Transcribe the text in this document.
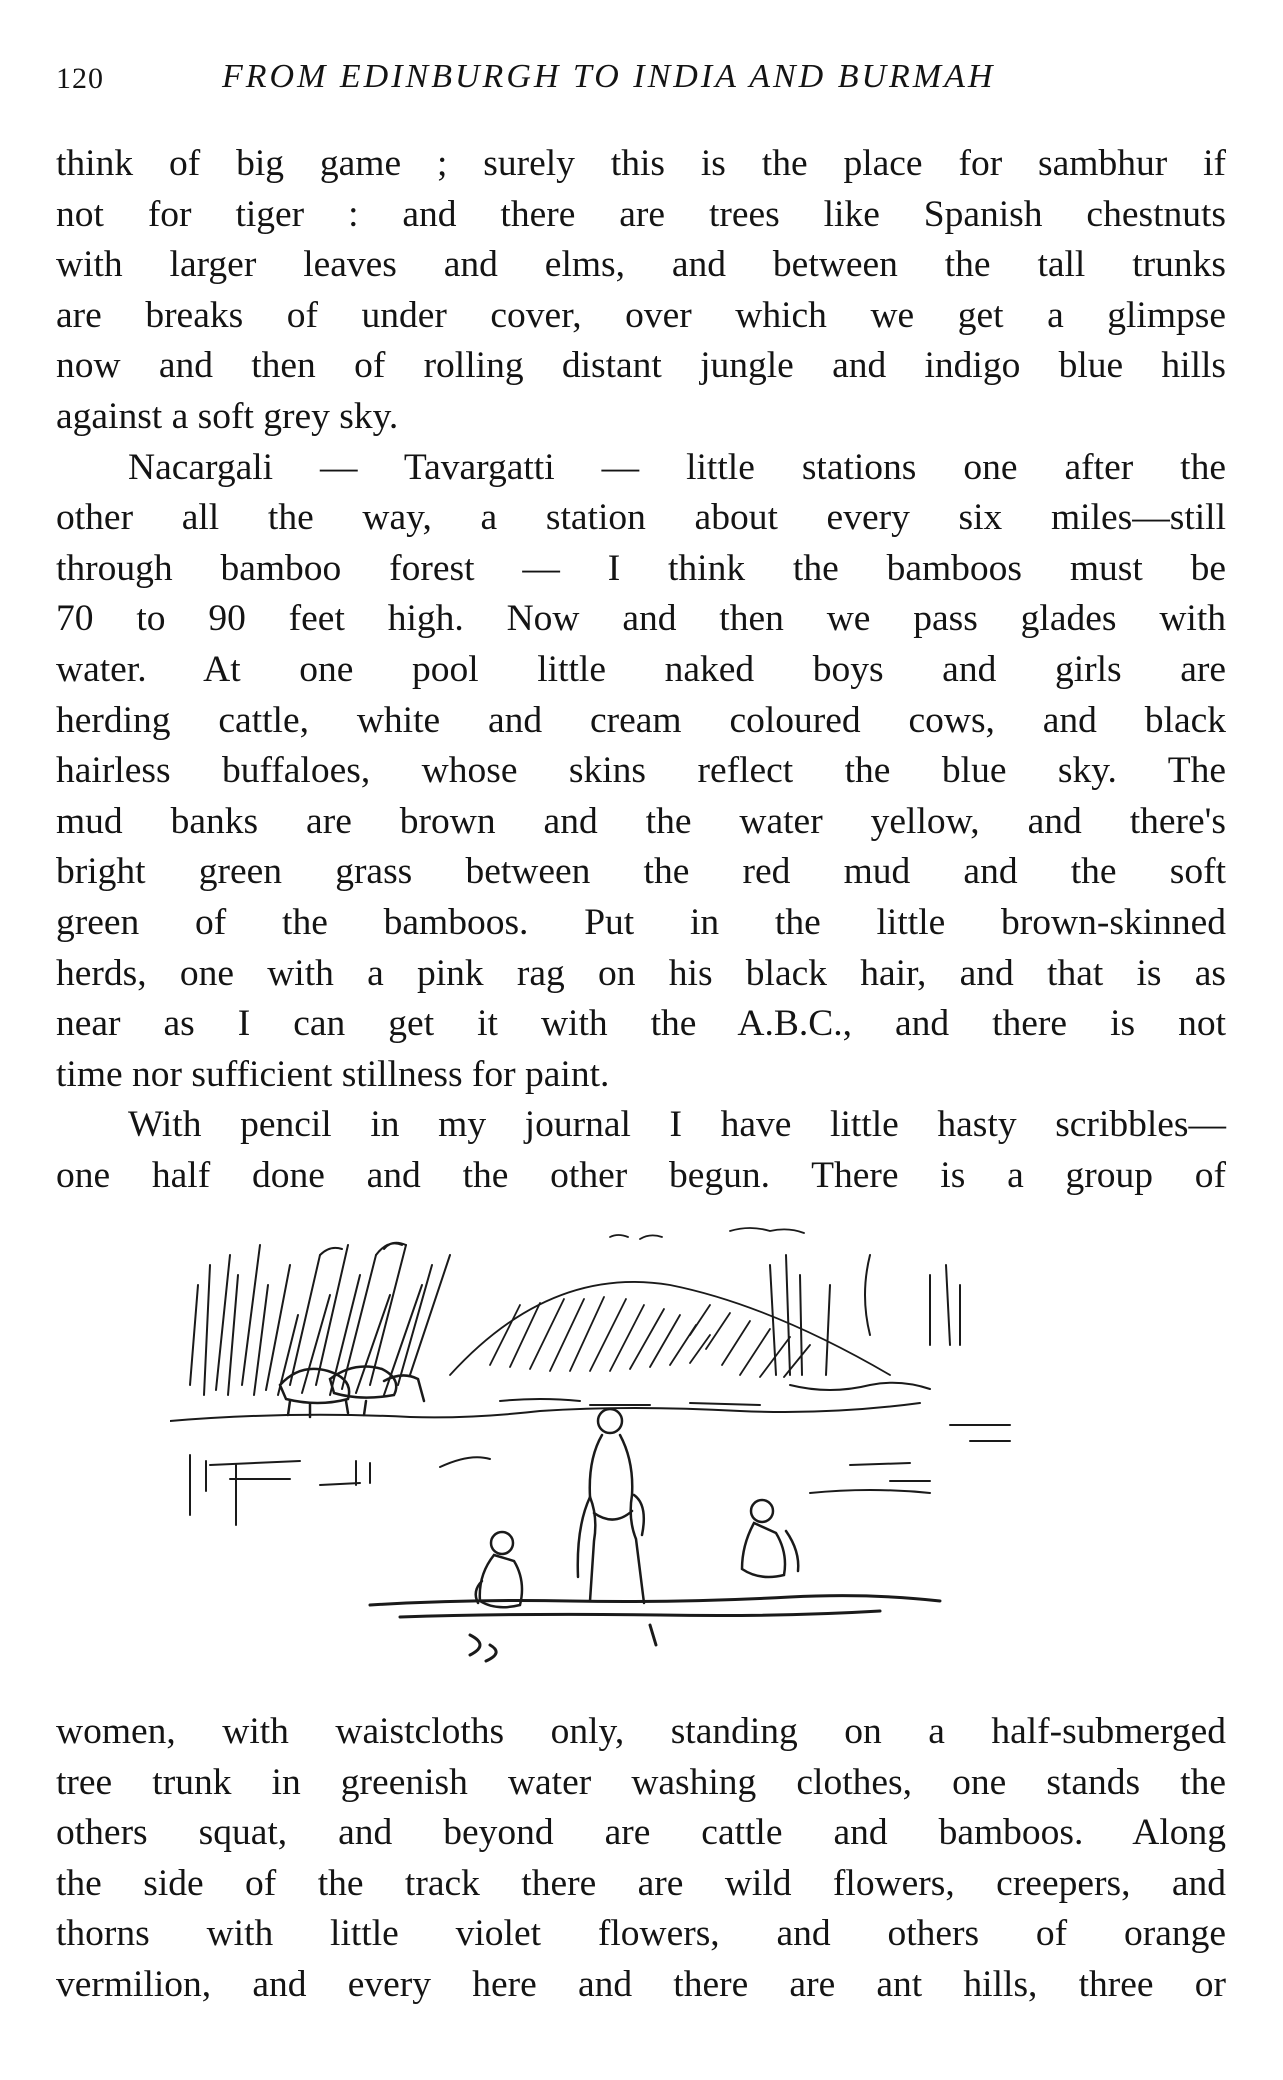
120	FROM EDINBURGH TO INDIA AND BURMAH
think of big game ; surely this is the place for sambhur if
not for tiger : and there are trees like Spanish chestnuts
with larger leaves and elms, and between the tall trunks
are breaks of under cover, over which we get a glimpse
now and then of rolling distant jungle and indigo blue hills
against a soft grey sky.
Nacargali — Tavargatti — little stations one after the
other all the way, a station about every six miles—still
through bamboo forest — I think the bamboos must be
70 to 90 feet high. Now and then we pass glades with
water. At one pool little naked boys and girls are
herding cattle, white and cream coloured cows, and black
hairless buffaloes, whose skins reflect the blue sky. The
mud banks are brown and the water yellow, and there's
bright green grass between the red mud and the soft
green of the bamboos. Put in the little brown-skinned
herds, one with a pink rag on his black hair, and that is as
near as I can get it with the A.B.C., and there is not
time nor sufficient stillness for paint.
With pencil in my journal I have little hasty scribbles—
one half done and the other begun. There is a group of
women, with waistcloths only, standing on a half-submerged
tree trunk in greenish water washing clothes, one stands the
others squat, and beyond are cattle and bamboos. Along
the side of the track there are wild flowers, creepers, and
thorns with little violet flowers, and others of orange
vermilion, and every here and there are ant hills, three or
